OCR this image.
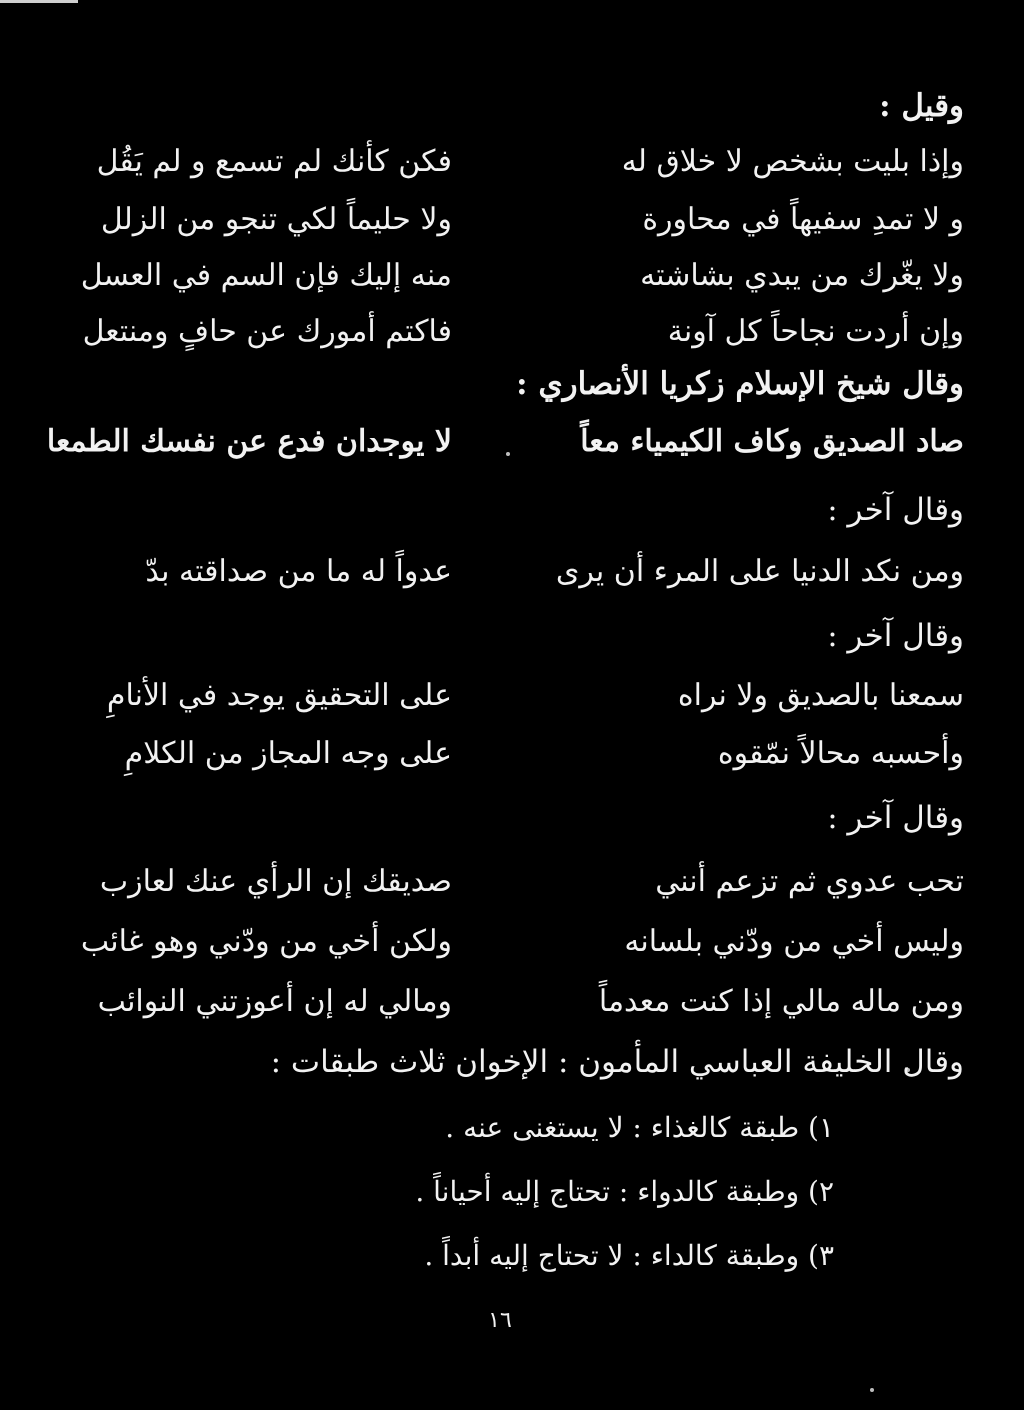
وقيل :
وإذا بليت بشخص لا خلاق له
فكن كأنك لم تسمع و لم يَقُل
و لا تمدِ سفيهاً في محاورة
ولا حليماً لكي تنجو من الزلل
ولا يغّرك من يبدي بشاشته
منه إليك فإن السم في العسل
وإن أردت نجاحاً كل آونة
فاكتم أمورك عن حافٍ ومنتعل
وقال شيخ الإسلام زكريا الأنصاري :
صاد الصديق وكاف الكيمياء معاً
لا يوجدان فدع عن نفسك الطمعا
وقال آخر :
ومن نكد الدنيا على المرء أن يرى
عدواً له ما من صداقته بدّ
وقال آخر :
سمعنا بالصديق ولا نراه
على التحقيق يوجد في الأنامِ
وأحسبه محالاً نمّقوه
على وجه المجاز من الكلامِ
وقال آخر :
تحب عدوي ثم تزعم أنني
صديقك إن الرأي عنك لعازب
وليس أخي من ودّني بلسانه
ولكن أخي من ودّني وهو غائب
ومن ماله مالي إذا كنت معدماً
ومالي له إن أعوزتني النوائب
وقال الخليفة العباسي المأمون : الإخوان ثلاث طبقات :
١) طبقة كالغذاء : لا يستغنى عنه .
٢) وطبقة كالدواء : تحتاج إليه أحياناً .
٣) وطبقة كالداء : لا تحتاج إليه أبداً .
١٦
